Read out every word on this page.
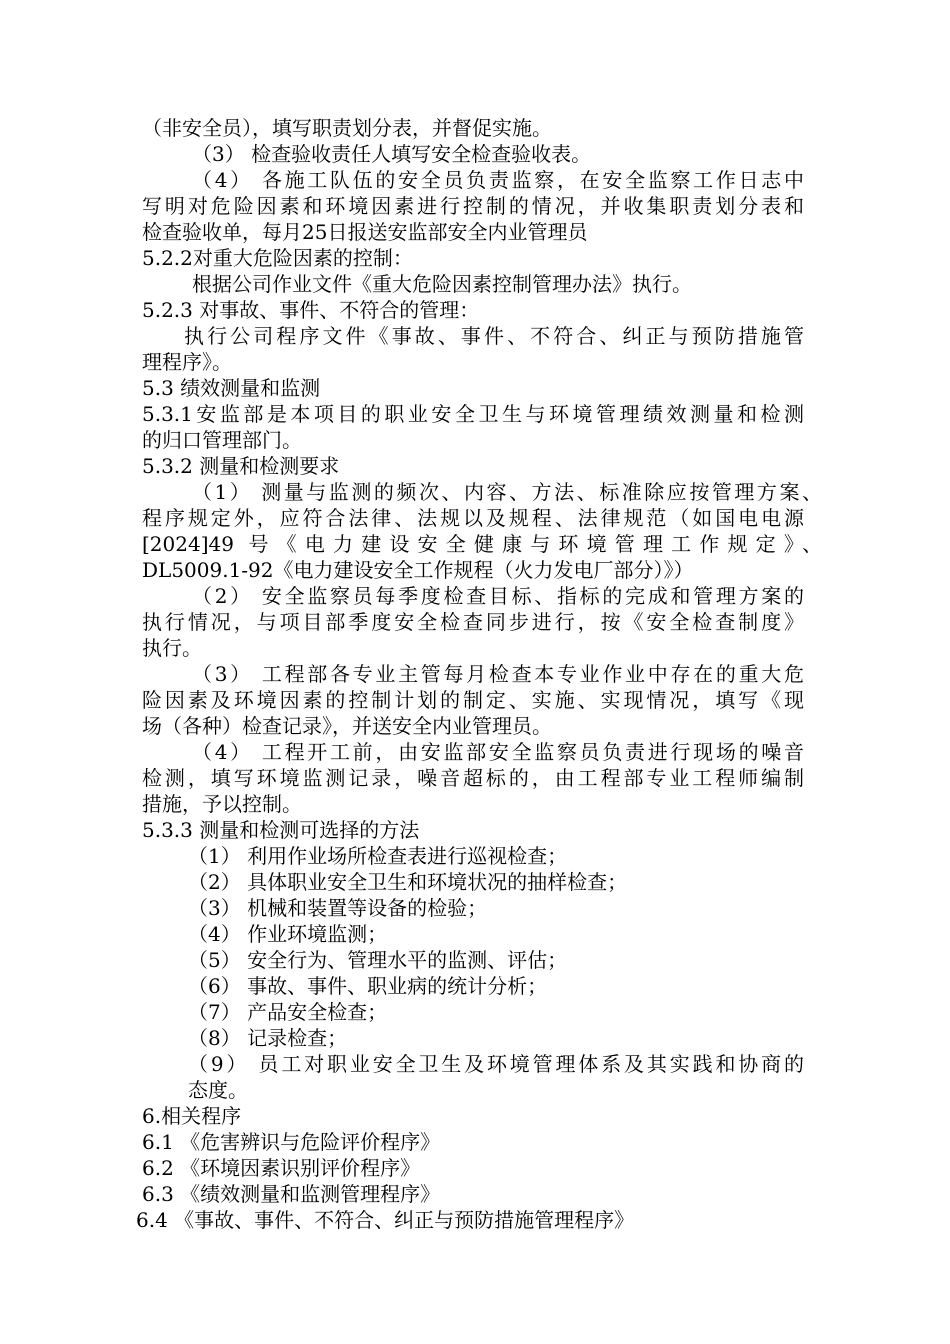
（非安全员），填写职责划分表，并督促实施。
（3） 检查验收责任人填写安全检查验收表。
（4） 各施工队伍的安全员负责监察，在安全监察工作日志中
写明对危险因素和环境因素进行控制的情况，并收集职责划分表和
检查验收单，每月25日报送安监部安全内业管理员
5.2.2对重大危险因素的控制：
根据公司作业文件《重大危险因素控制管理办法》执行。
5.2.3 对事故、事件、不符合的管理：
执行公司程序文件《事故、事件、不符合、纠正与预防措施管
理程序》。
5.3 绩效测量和监测
5.3.1安监部是本项目的职业安全卫生与环境管理绩效测量和检测
的归口管理部门。
5.3.2 测量和检测要求
（1） 测量与监测的频次、内容、方法、标准除应按管理方案、
程序规定外，应符合法律、法规以及规程、法律规范（如国电电源
[2024]49 号《电力建设安全健康与环境管理工作规定》、
DL5009.1-92《电力建设安全工作规程（火力发电厂部分）》）
（2） 安全监察员每季度检查目标、指标的完成和管理方案的
执行情况，与项目部季度安全检查同步进行，按《安全检查制度》
执行。
（3） 工程部各专业主管每月检查本专业作业中存在的重大危
险因素及环境因素的控制计划的制定、实施、实现情况，填写《现
场（各种）检查记录》，并送安全内业管理员。
（4） 工程开工前，由安监部安全监察员负责进行现场的噪音
检测，填写环境监测记录，噪音超标的，由工程部专业工程师编制
措施，予以控制。
5.3.3 测量和检测可选择的方法
（1） 利用作业场所检查表进行巡视检查；
（2） 具体职业安全卫生和环境状况的抽样检查；
（3） 机械和装置等设备的检验；
（4） 作业环境监测；
（5） 安全行为、管理水平的监测、评估；
（6） 事故、事件、职业病的统计分析；
（7） 产品安全检查；
（8） 记录检查；
（9） 员工对职业安全卫生及环境管理体系及其实践和协商的
态度。
6.相关程序
6.1 《危害辨识与危险评价程序》
6.2 《环境因素识别评价程序》
6.3 《绩效测量和监测管理程序》
6.4 《事故、事件、不符合、纠正与预防措施管理程序》
